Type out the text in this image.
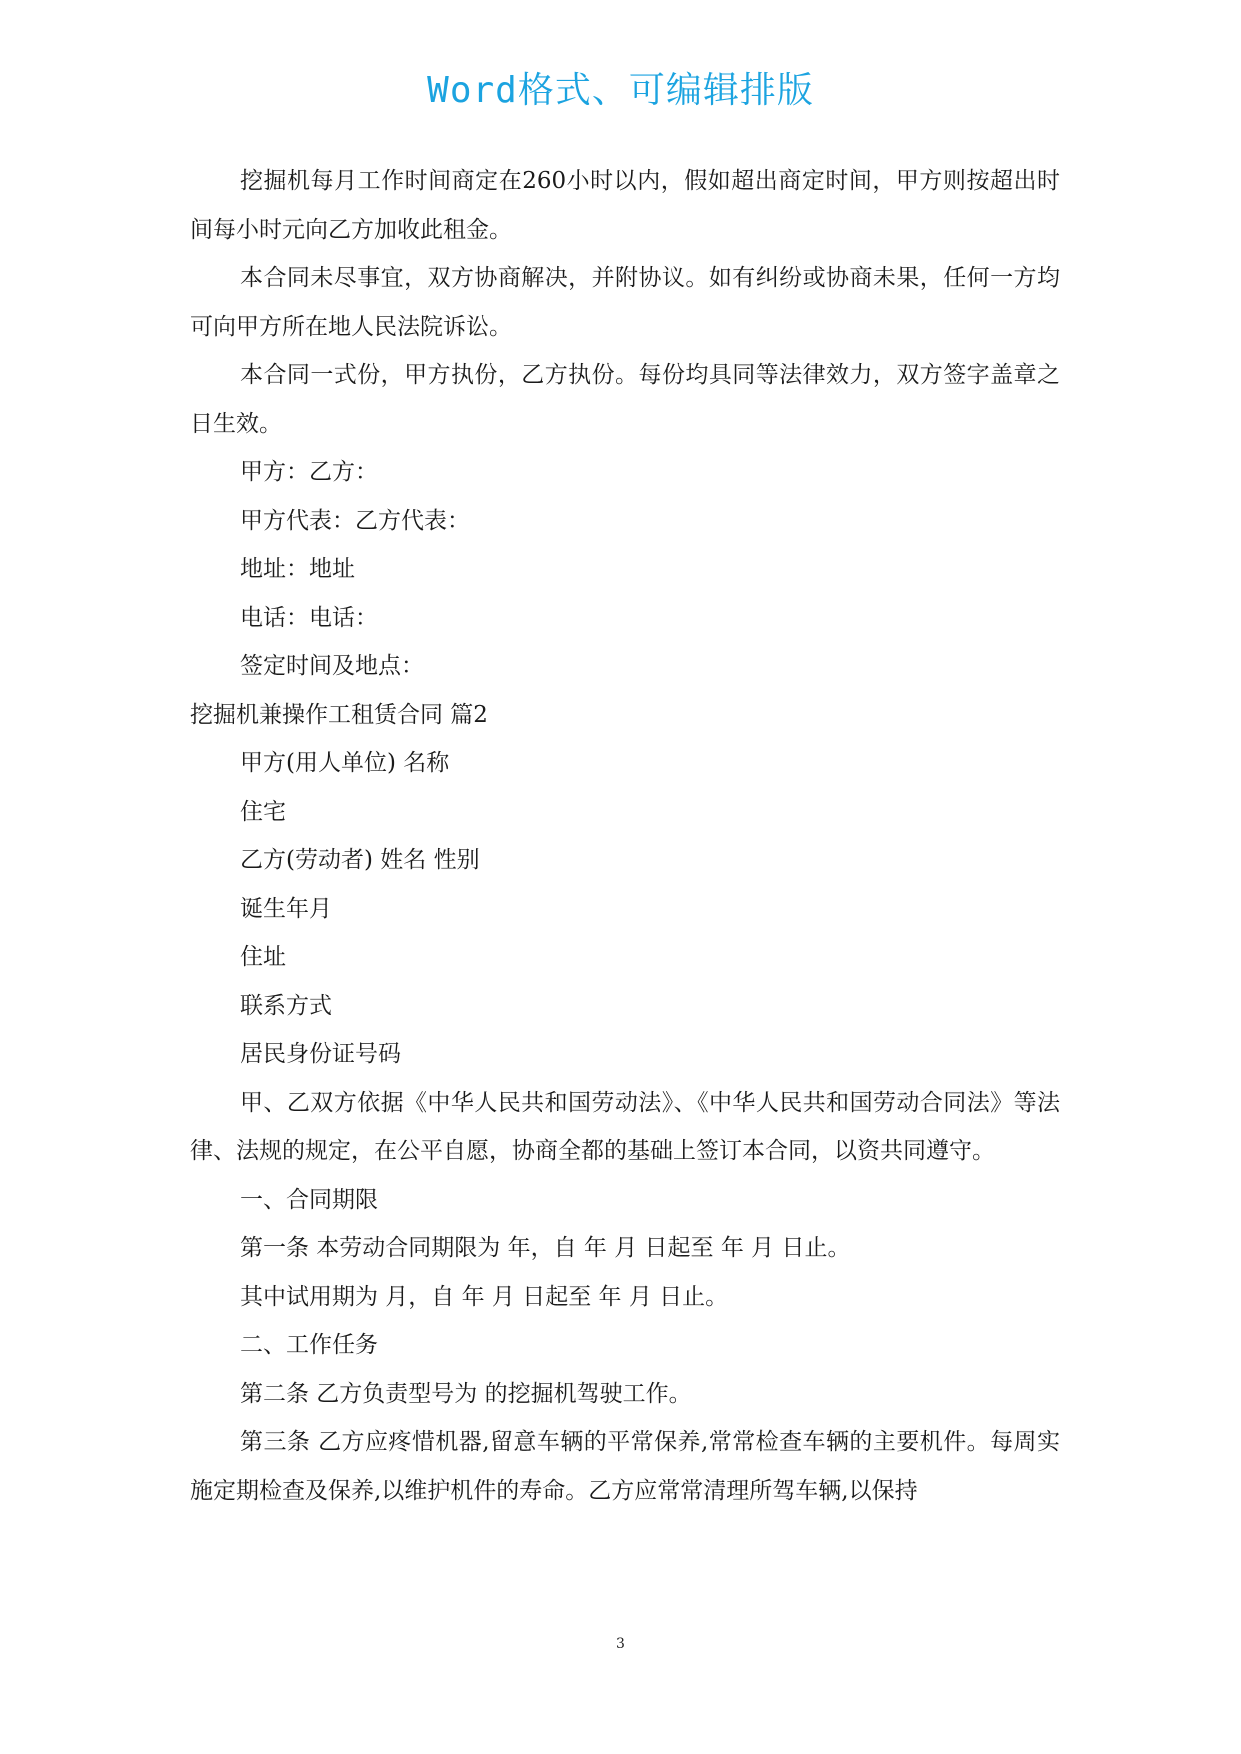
Word格式、可编辑排版

挖掘机每月工作时间商定在260小时以内，假如超出商定时间，甲方则按超出时间每小时元向乙方加收此租金。

本合同未尽事宜，双方协商解决，并附协议。如有纠纷或协商未果，任何一方均可向甲方所在地人民法院诉讼。

本合同一式份，甲方执份，乙方执份。每份均具同等法律效力，双方签字盖章之日生效。

甲方：乙方：

甲方代表：乙方代表：

地址：地址

电话：电话：

签定时间及地点：

挖掘机兼操作工租赁合同 篇2

甲方(用人单位) 名称

住宅

乙方(劳动者) 姓名 性别

诞生年月

住址

联系方式

居民身份证号码

甲、乙双方依据《中华人民共和国劳动法》、《中华人民共和国劳动合同法》等法律、法规的规定，在公平自愿，协商全都的基础上签订本合同，以资共同遵守。

一、合同期限

第一条 本劳动合同期限为 年，自 年 月 日起至 年 月 日止。

其中试用期为 月，自 年 月 日起至 年 月 日止。

二、工作任务

第二条 乙方负责型号为 的挖掘机驾驶工作。

第三条 乙方应疼惜机器,留意车辆的平常保养,常常检查车辆的主要机件。每周实施定期检查及保养,以维护机件的寿命。乙方应常常清理所驾车辆,以保持

3
